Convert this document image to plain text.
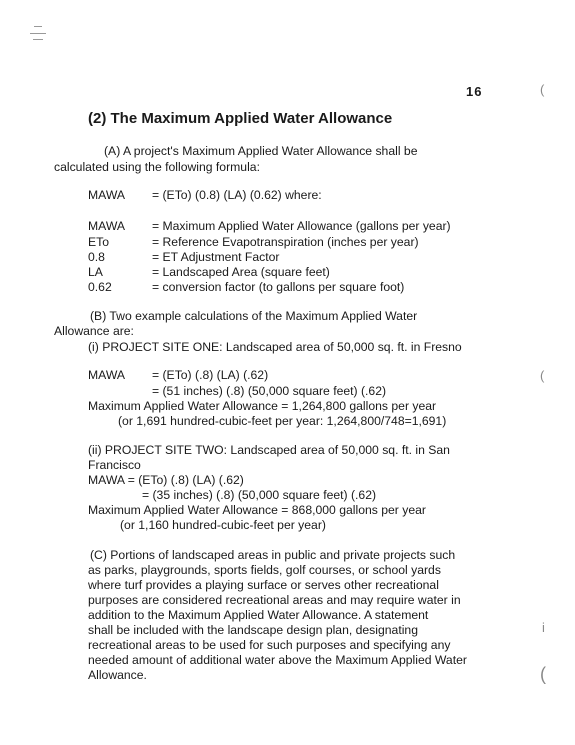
(
(
i
(
16
(2) The Maximum Applied Water Allowance
(A) A project's Maximum Applied Water Allowance shall be
calculated using the following formula:
MAWA = (ETo) (0.8) (LA) (0.62) where:
MAWA = Maximum Applied Water Allowance (gallons per year)
ETo	= Reference Evapotranspiration (inches per year)
0.8	= ET Adjustment Factor
LA	= Landscaped Area (square feet)
0.62	= conversion factor (to gallons per square foot)
(B) Two example calculations of the Maximum Applied Water
Allowance are:
(i) PROJECT SITE ONE: Landscaped area of 50,000 sq. ft. in Fresno
MAWA = (ETo) (.8) (LA) (.62)
= (51 inches) (.8) (50,000 square feet) (.62)
Maximum Applied Water Allowance = 1,264,800 gallons per year
(or 1,691 hundred-cubic-feet per year: 1,264,800/748=1,691)
(ii) PROJECT SITE TWO: Landscaped area of 50,000 sq. ft. in San
Francisco
MAWA = (ETo) (.8) (LA) (.62)
= (35 inches) (.8) (50,000 square feet) (.62)
Maximum Applied Water Allowance = 868,000 gallons per year
(or 1,160 hundred-cubic-feet per year)
(C) Portions of landscaped areas in public and private projects such
as parks, playgrounds, sports fields, golf courses, or school yards
where turf provides a playing surface or serves other recreational
purposes are considered recreational areas and may require water in
addition to the Maximum Applied Water Allowance. A statement
shall be included with the landscape design plan, designating
recreational areas to be used for such purposes and specifying any
needed amount of additional water above the Maximum Applied Water
Allowance.
